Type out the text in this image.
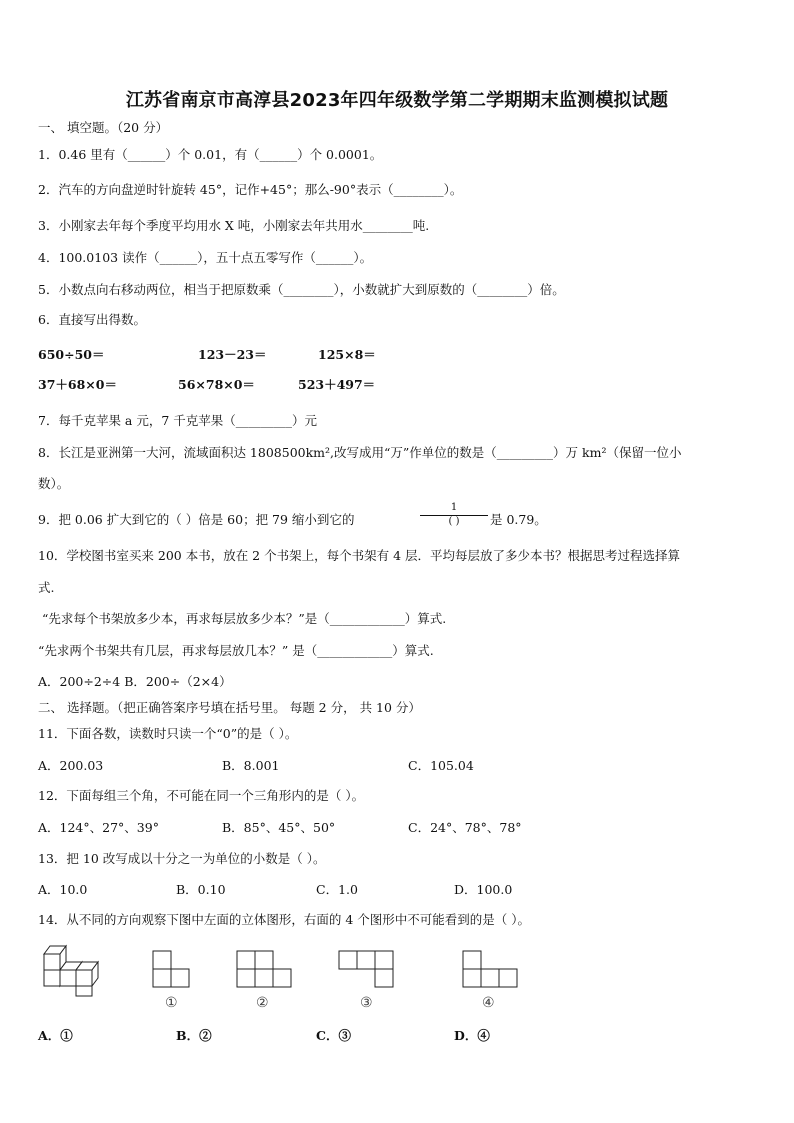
江苏省南京市高淳县2023年四年级数学第二学期期末监测模拟试题
一、 填空题。（20 分）
1．0.46 里有（______）个 0.01，有（______）个 0.0001。
2．汽车的方向盘逆时针旋转 45°，记作+45°；那么-90°表示（________）。
3．小刚家去年每个季度平均用水 X 吨，小刚家去年共用水________吨.
4．100.0103 读作（______），五十点五零写作（______）。
5．小数点向右移动两位，相当于把原数乘（________），小数就扩大到原数的（________）倍。
6．直接写出得数。
650÷50＝	123－23＝	125×8＝
37＋68×0＝	56×78×0＝	523＋497＝
7．每千克苹果 a 元，7 千克苹果（_________）元
8．长江是亚洲第一大河，流域面积达 1808500km²,改写成用“万”作单位的数是（_________）万 km²（保留一位小
数）。
9．把 0.06 扩大到它的（ ）倍是 60；把 79 缩小到它的
1
( )	是 0.79。
10．学校图书室买来 200 本书，放在 2 个书架上，每个书架有 4 层．平均每层放了多少本书？根据思考过程选择算
式.
“先求每个书架放多少本，再求每层放多少本？”是（____________）算式.
“先求两个书架共有几层，再求每层放几本？” 是（____________）算式.
A．200÷2÷4 B．200÷（2×4）
二、 选择题。（把正确答案序号填在括号里。 每题 2 分， 共 10 分）
11．下面各数，读数时只读一个“0”的是（ ）。
A．200.03	B．8.001	C．105.04
12．下面每组三个角，不可能在同一个三角形内的是（ ）。
A．124°、27°、39°	B．85°、45°、50°	C．24°、78°、78°
13．把 10 改写成以十分之一为单位的小数是（ ）。
A．10.0	B．0.10	C．1.0	D．100.0
14．从不同的方向观察下图中左面的立体图形，右面的 4 个图形中不可能看到的是（ ）。
①	②	③	④
A．①	B．②	C．③	D．④
